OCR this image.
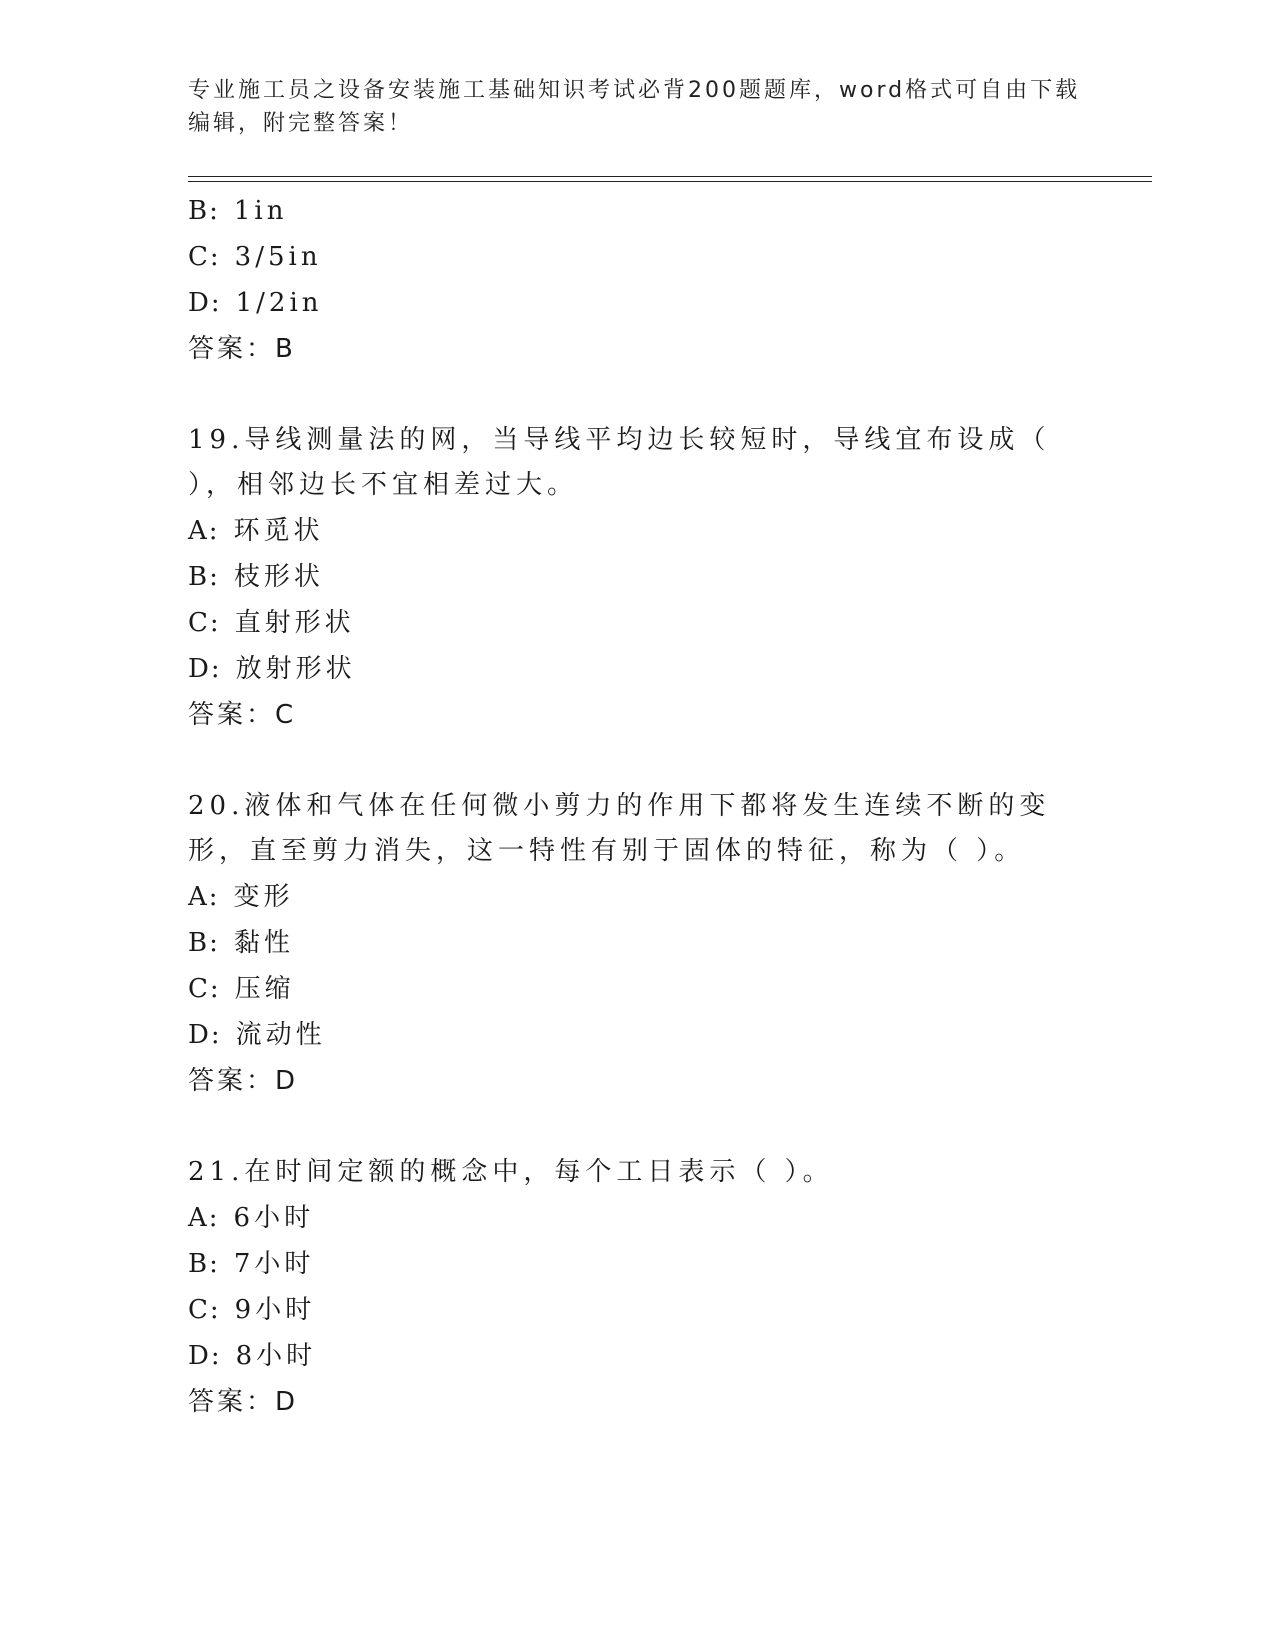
专业施工员之设备安装施工基础知识考试必背200题题库，word格式可自由下载编辑，附完整答案！
B: 1in
C: 3/5in
D: 1/2in
答案：B
19.导线测量法的网，当导线平均边长较短时，导线宜布设成（ ），相邻边长不宜相差过大。
A: 环觅状
B: 枝形状
C: 直射形状
D: 放射形状
答案：C
20.液体和气体在任何微小剪力的作用下都将发生连续不断的变形，直至剪力消失，这一特性有别于固体的特征，称为（ ）。
A: 变形
B: 黏性
C: 压缩
D: 流动性
答案：D
21.在时间定额的概念中，每个工日表示（ ）。
A: 6小时
B: 7小时
C: 9小时
D: 8小时
答案：D
